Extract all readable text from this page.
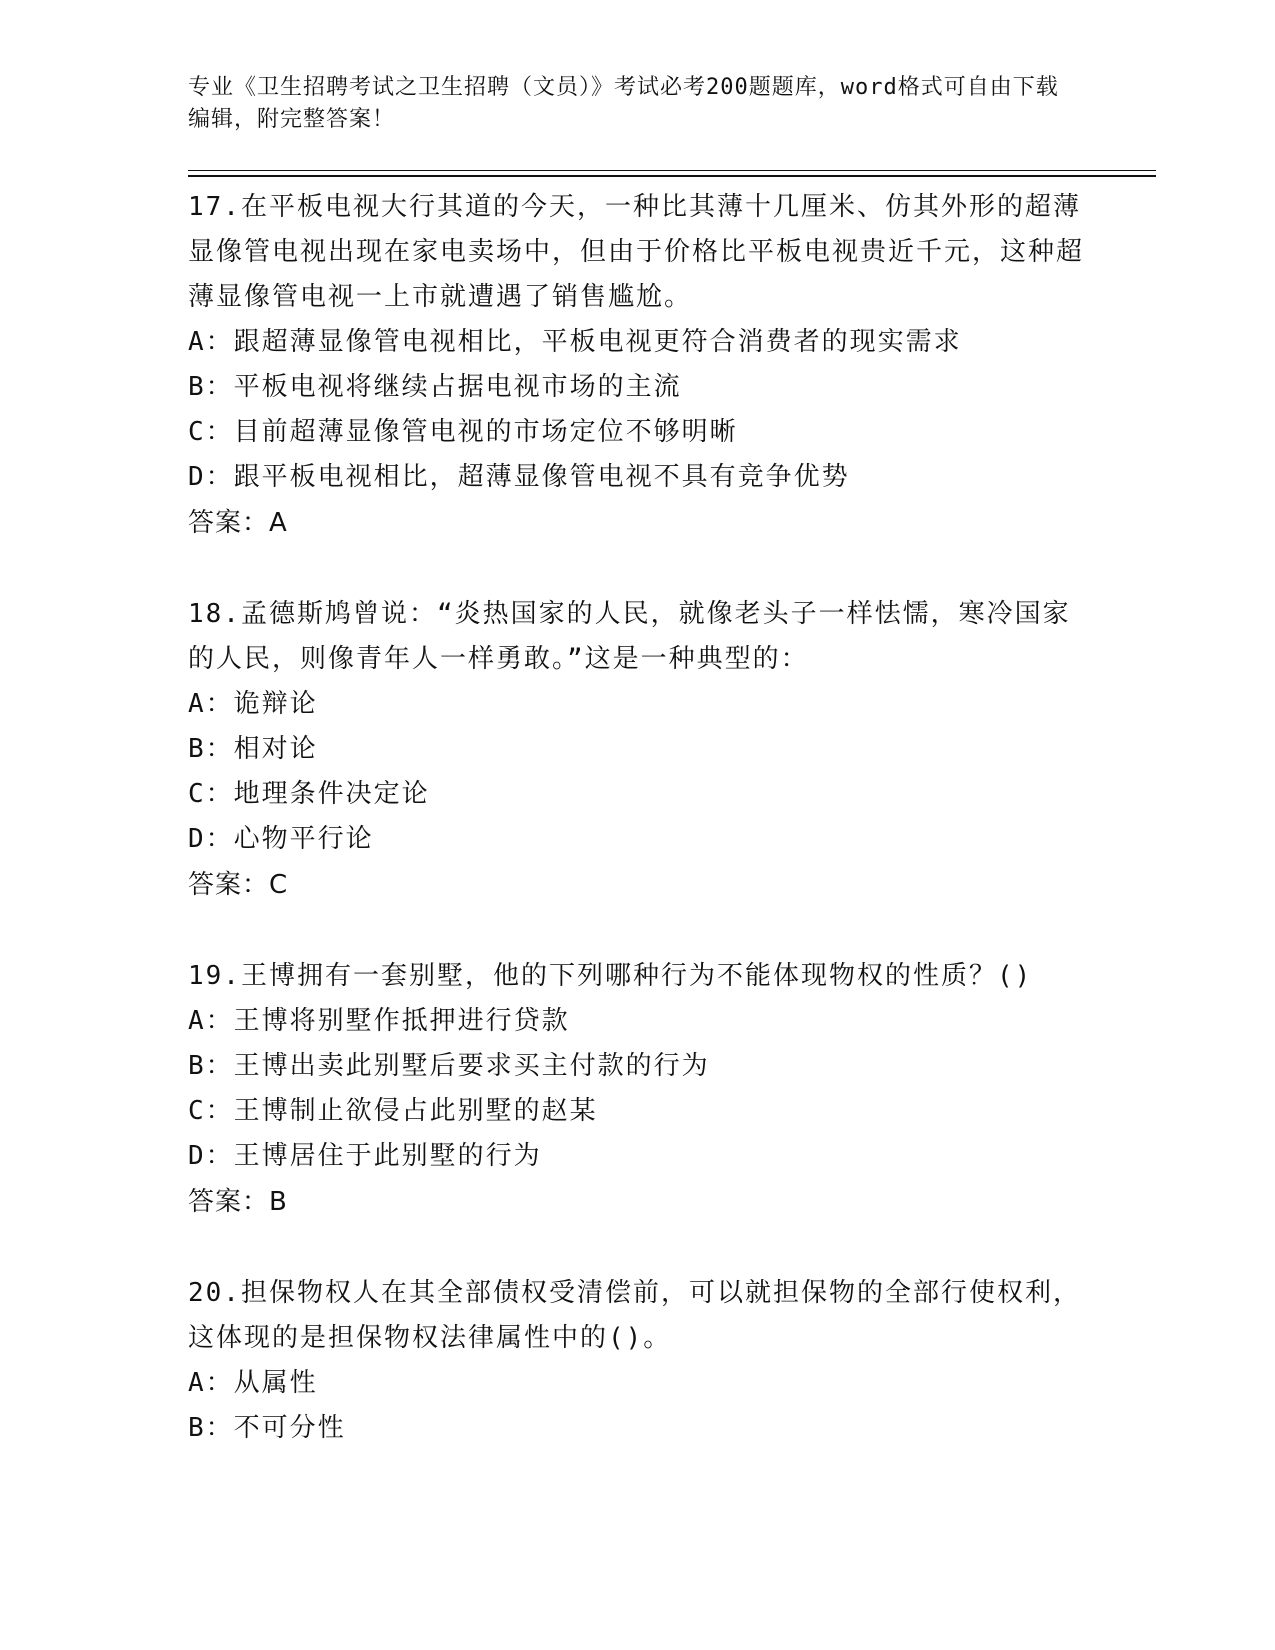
专业《卫生招聘考试之卫生招聘（文员）》考试必考200题题库，word格式可自由下载编辑，附完整答案！

17.在平板电视大行其道的今天，一种比其薄十几厘米、仿其外形的超薄显像管电视出现在家电卖场中，但由于价格比平板电视贵近千元，这种超薄显像管电视一上市就遭遇了销售尴尬。

A：跟超薄显像管电视相比，平板电视更符合消费者的现实需求

B：平板电视将继续占据电视市场的主流

C：目前超薄显像管电视的市场定位不够明晰

D：跟平板电视相比，超薄显像管电视不具有竞争优势

答案：A

18.孟德斯鸠曾说：“炎热国家的人民，就像老头子一样怯懦，寒冷国家的人民，则像青年人一样勇敢。”这是一种典型的：

A：诡辩论

B：相对论

C：地理条件决定论

D：心物平行论

答案：C

19.王博拥有一套别墅，他的下列哪种行为不能体现物权的性质？()

A：王博将别墅作抵押进行贷款

B：王博出卖此别墅后要求买主付款的行为

C：王博制止欲侵占此别墅的赵某

D：王博居住于此别墅的行为

答案：B

20.担保物权人在其全部债权受清偿前，可以就担保物的全部行使权利，这体现的是担保物权法律属性中的()。

A：从属性

B：不可分性
